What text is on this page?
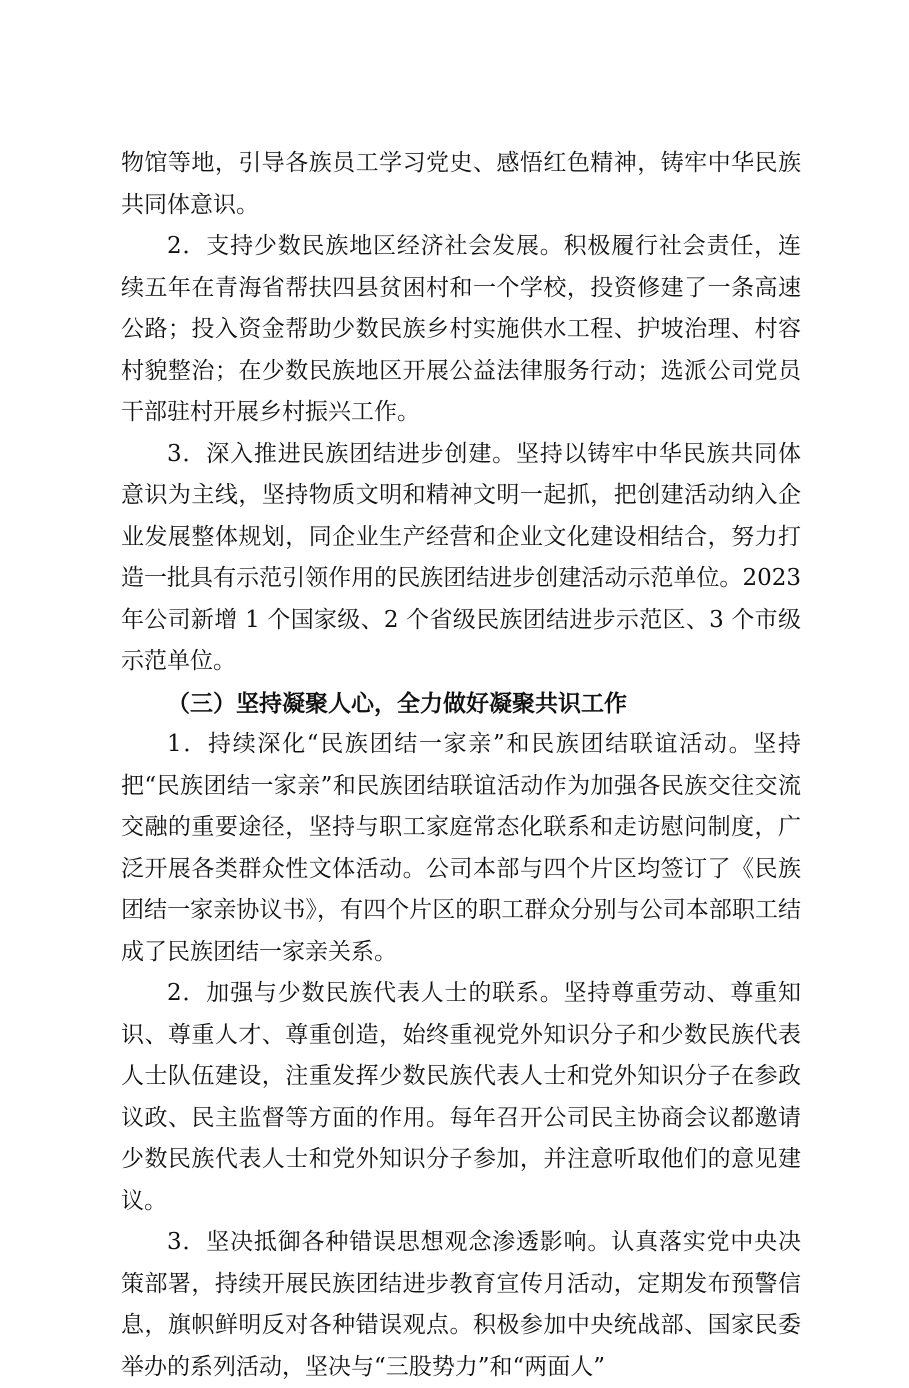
物馆等地，引导各族员工学习党史、感悟红色精神，铸牢中华民族共同体意识。

2．支持少数民族地区经济社会发展。积极履行社会责任，连续五年在青海省帮扶四县贫困村和一个学校，投资修建了一条高速公路；投入资金帮助少数民族乡村实施供水工程、护坡治理、村容村貌整治；在少数民族地区开展公益法律服务行动；选派公司党员干部驻村开展乡村振兴工作。

3．深入推进民族团结进步创建。坚持以铸牢中华民族共同体意识为主线，坚持物质文明和精神文明一起抓，把创建活动纳入企业发展整体规划，同企业生产经营和企业文化建设相结合，努力打造一批具有示范引领作用的民族团结进步创建活动示范单位。2023 年公司新增 1 个国家级、2 个省级民族团结进步示范区、3 个市级示范单位。

（三）坚持凝聚人心，全力做好凝聚共识工作

1．持续深化“民族团结一家亲”和民族团结联谊活动。坚持把“民族团结一家亲”和民族团结联谊活动作为加强各民族交往交流交融的重要途径，坚持与职工家庭常态化联系和走访慰问制度，广泛开展各类群众性文体活动。公司本部与四个片区均签订了《民族团结一家亲协议书》，有四个片区的职工群众分别与公司本部职工结成了民族团结一家亲关系。

2．加强与少数民族代表人士的联系。坚持尊重劳动、尊重知识、尊重人才、尊重创造，始终重视党外知识分子和少数民族代表人士队伍建设，注重发挥少数民族代表人士和党外知识分子在参政议政、民主监督等方面的作用。每年召开公司民主协商会议都邀请少数民族代表人士和党外知识分子参加，并注意听取他们的意见建议。

3．坚决抵御各种错误思想观念渗透影响。认真落实党中央决策部署，持续开展民族团结进步教育宣传月活动，定期发布预警信息，旗帜鲜明反对各种错误观点。积极参加中央统战部、国家民委举办的系列活动，坚决与“三股势力”和“两面人”
